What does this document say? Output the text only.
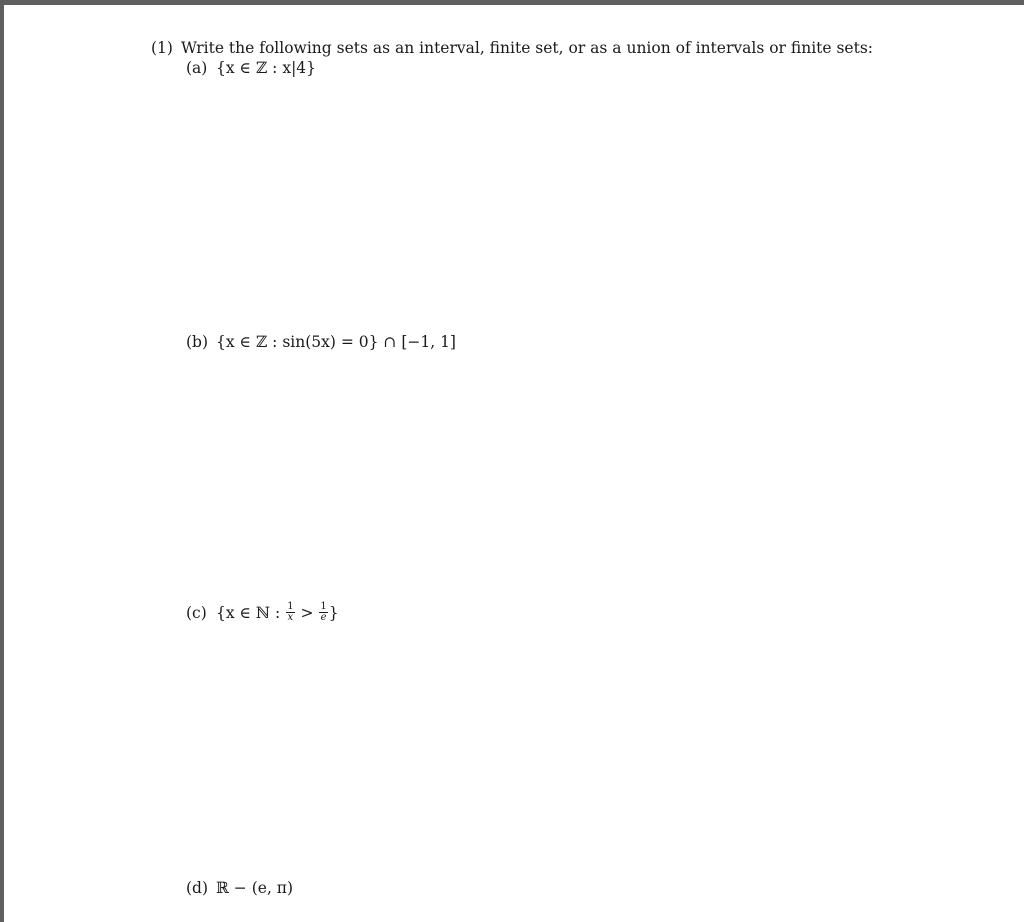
(1) Write the following sets as an interval, finite set, or as a union of intervals or finite sets:
(a) {x ∈ ℤ : x|4}
(b) {x ∈ ℤ : sin(5x) = 0} ∩ [−1, 1]
(c) {x ∈ ℕ : $\frac{1}{x} > \frac{1}{e}$ }
(d) ℝ − (e, π)
